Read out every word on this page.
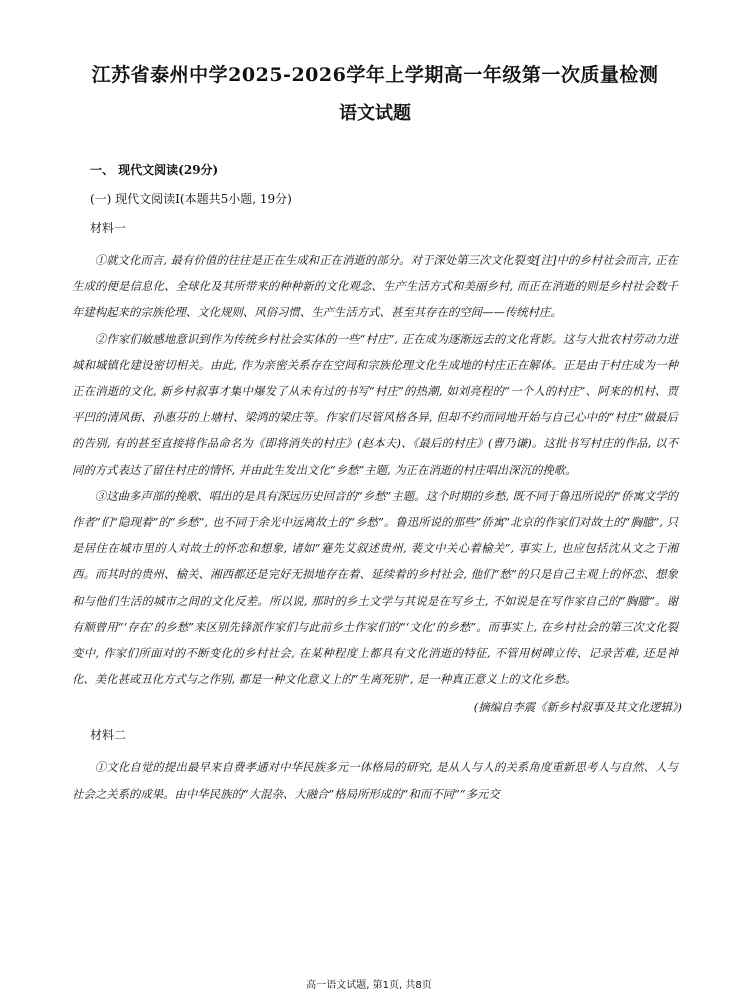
江苏省泰州中学2025-2026学年上学期高一年级第一次质量检测
语文试题
一、 现代文阅读(29分)
(一) 现代文阅读Ⅰ(本题共5小题, 19分)
材料一

①就文化而言, 最有价值的往往是正在生成和正在消逝的部分。对于深处第三次文化裂变[注]中的乡村社会而言, 正在生成的便是信息化、全球化及其所带来的种种新的文化观念、生产生活方式和美丽乡村, 而正在消逝的则是乡村社会数千年建构起来的宗族伦理、文化规则、风俗习惯、生产生活方式、甚至其存在的空间——传统村庄。

②作家们敏感地意识到作为传统乡村社会实体的一些“村庄”, 正在成为逐渐远去的文化背影。这与大批农村劳动力进城和城镇化建设密切相关。由此, 作为亲密关系存在空间和宗族伦理文化生成地的村庄正在解体。正是由于村庄成为一种正在消逝的文化, 新乡村叙事才集中爆发了从未有过的书写“村庄”的热潮, 如刘亮程的“一个人的村庄”、阿来的机村、贾平凹的清风街、孙惠芬的上塘村、梁鸿的梁庄等。作家们尽管风格各异, 但却不约而同地开始与自己心中的“村庄”做最后的告别, 有的甚至直接将作品命名为《即将消失的村庄》(赵本夫)、《最后的村庄》(曹乃谦)。这批书写村庄的作品, 以不同的方式表达了留住村庄的情怀, 并由此生发出文化“乡愁”主题, 为正在消逝的村庄唱出深沉的挽歌。

③这曲多声部的挽歌、唱出的是具有深远历史回音的“乡愁”主题。这个时期的乡愁, 既不同于鲁迅所说的“侨寓文学的作者”们“隐现着”的“乡愁”, 也不同于余光中远离故土的“乡愁”。鲁迅所说的那些“侨寓”北京的作家们对故土的“胸臆”, 只是居住在城市里的人对故土的怀恋和想象, 诸如“蹇先艾叙述贵州, 裴文中关心着榆关”, 事实上, 也应包括沈从文之于湘西。而其时的贵州、榆关、湘西都还是完好无损地存在着、延续着的乡村社会, 他们“愁”的只是自己主观上的怀恋、想象和与他们生活的城市之间的文化反差。所以说, 那时的乡土文学与其说是在写乡土, 不如说是在写作家自己的“胸臆”。谢有顺曾用“‘存在’的乡愁”来区别先锋派作家们与此前乡土作家们的“‘文化’的乡愁”。而事实上, 在乡村社会的第三次文化裂变中, 作家们所面对的不断变化的乡村社会, 在某种程度上都具有文化消逝的特征, 不管用树碑立传、记录苦难, 还是神化、美化甚或丑化方式与之作别, 都是一种文化意义上的“生离死别”, 是一种真正意义上的文化乡愁。

(摘编自李震《新乡村叙事及其文化逻辑》)
材料二

①文化自觉的提出最早来自费孝通对中华民族多元一体格局的研究, 是从人与人的关系角度重新思考人与自然、人与社会之关系的成果。由中华民族的“大混杂、大融合”格局所形成的“和而不同”“多元交

高一语文试题, 第1页, 共8页
